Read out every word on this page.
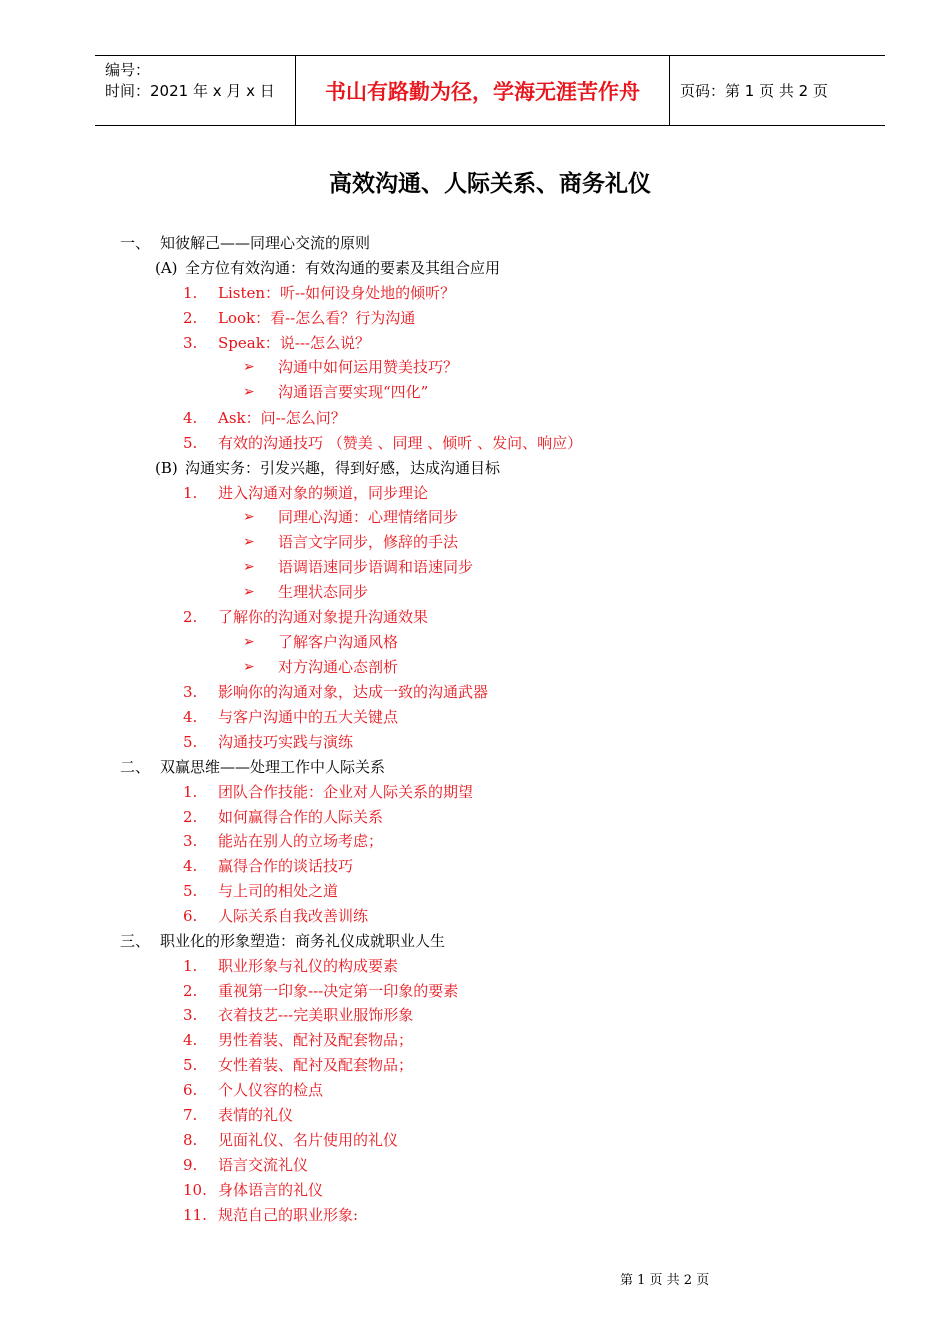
编号：
时间：2021 年 x 月 x 日	书山有路勤为径，学海无涯苦作舟	页码：第 1 页 共 2 页
高效沟通、人际关系、商务礼仪
一、 知彼解己——同理心交流的原则
(A) 全方位有效沟通：有效沟通的要素及其组合应用
1. Listen：听--如何设身处地的倾听？
2. Look：看--怎么看？行为沟通
3. Speak：说---怎么说？
➢ 沟通中如何运用赞美技巧？
➢ 沟通语言要实现“四化”
4. Ask：问--怎么问？
5. 有效的沟通技巧 （赞美 、同理 、倾听 、发问、响应）
(B) 沟通实务：引发兴趣，得到好感，达成沟通目标
1. 进入沟通对象的频道，同步理论
➢ 同理心沟通：心理情绪同步
➢ 语言文字同步，修辞的手法
➢ 语调语速同步语调和语速同步
➢ 生理状态同步
2. 了解你的沟通对象提升沟通效果
➢ 了解客户沟通风格
➢ 对方沟通心态剖析
3. 影响你的沟通对象，达成一致的沟通武器
4. 与客户沟通中的五大关键点
5. 沟通技巧实践与演练
二、 双赢思维——处理工作中人际关系
1. 团队合作技能：企业对人际关系的期望
2. 如何赢得合作的人际关系
3. 能站在别人的立场考虑；
4. 赢得合作的谈话技巧
5. 与上司的相处之道
6. 人际关系自我改善训练
三、 职业化的形象塑造：商务礼仪成就职业人生
1. 职业形象与礼仪的构成要素
2. 重视第一印象---决定第一印象的要素
3. 衣着技艺---完美职业服饰形象
4. 男性着装、配衬及配套物品；
5. 女性着装、配衬及配套物品；
6. 个人仪容的检点
7. 表情的礼仪
8. 见面礼仪、名片使用的礼仪
9. 语言交流礼仪
10. 身体语言的礼仪
11. 规范自己的职业形象:
第 1 页 共 2 页
